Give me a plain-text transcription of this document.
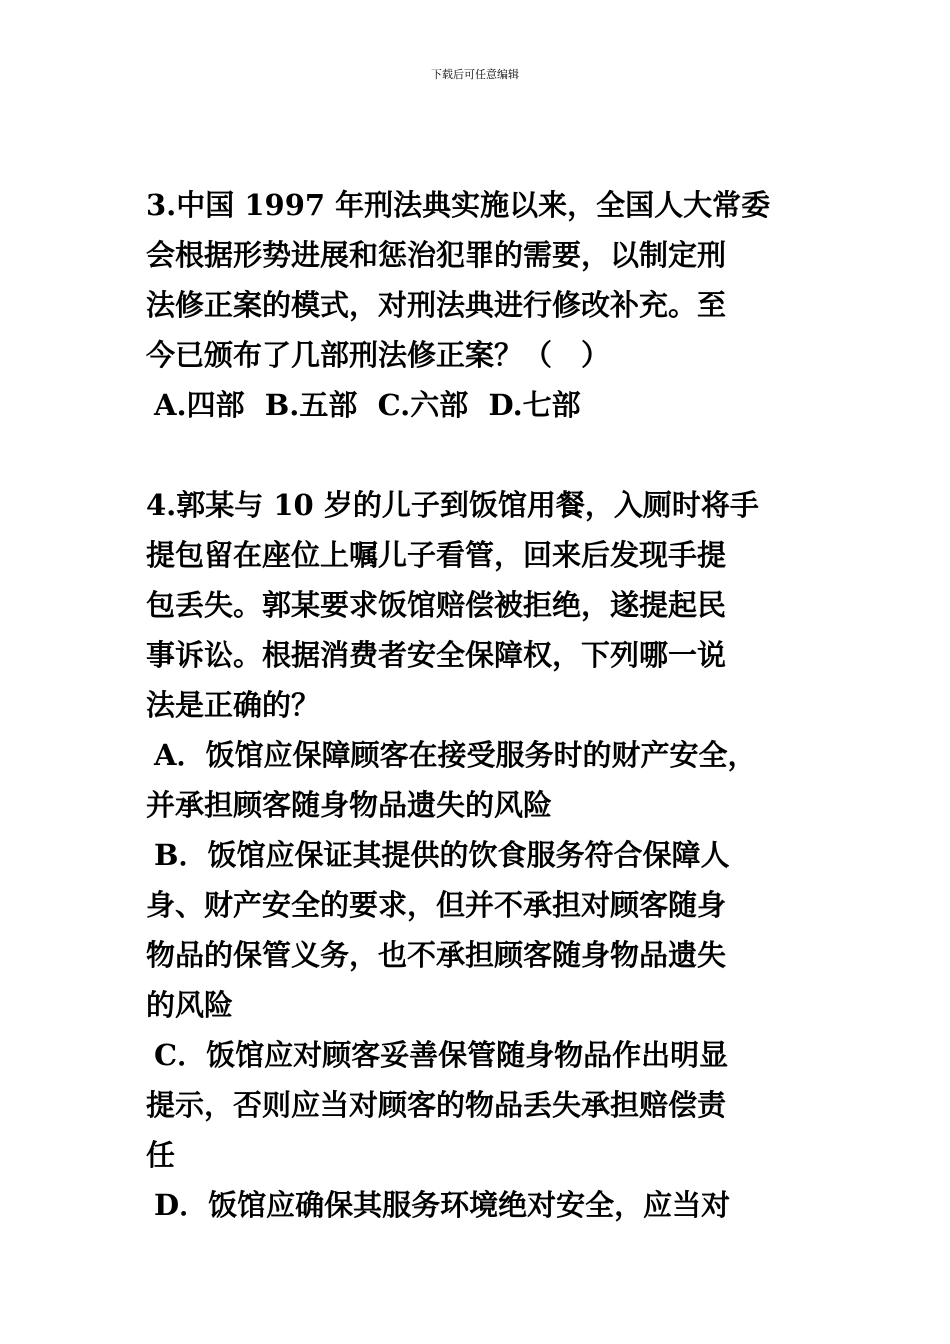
下载后可任意编辑
3.中国 1997 年刑法典实施以来，全国人大常委
会根据形势进展和惩治犯罪的需要，以制定刑
法修正案的模式，对刑法典进行修改补充。至
今已颁布了几部刑法修正案？（　）
A.四部  B.五部  C.六部  D.七部
4.郭某与 10 岁的儿子到饭馆用餐，入厕时将手
提包留在座位上嘱儿子看管，回来后发现手提
包丢失。郭某要求饭馆赔偿被拒绝，遂提起民
事诉讼。根据消费者安全保障权，下列哪一说
法是正确的？
A．饭馆应保障顾客在接受服务时的财产安全，
并承担顾客随身物品遗失的风险
B．饭馆应保证其提供的饮食服务符合保障人
身、财产安全的要求，但并不承担对顾客随身
物品的保管义务，也不承担顾客随身物品遗失
的风险
C．饭馆应对顾客妥善保管随身物品作出明显
提示，否则应当对顾客的物品丢失承担赔偿责
任
D．饭馆应确保其服务环境绝对安全，应当对
